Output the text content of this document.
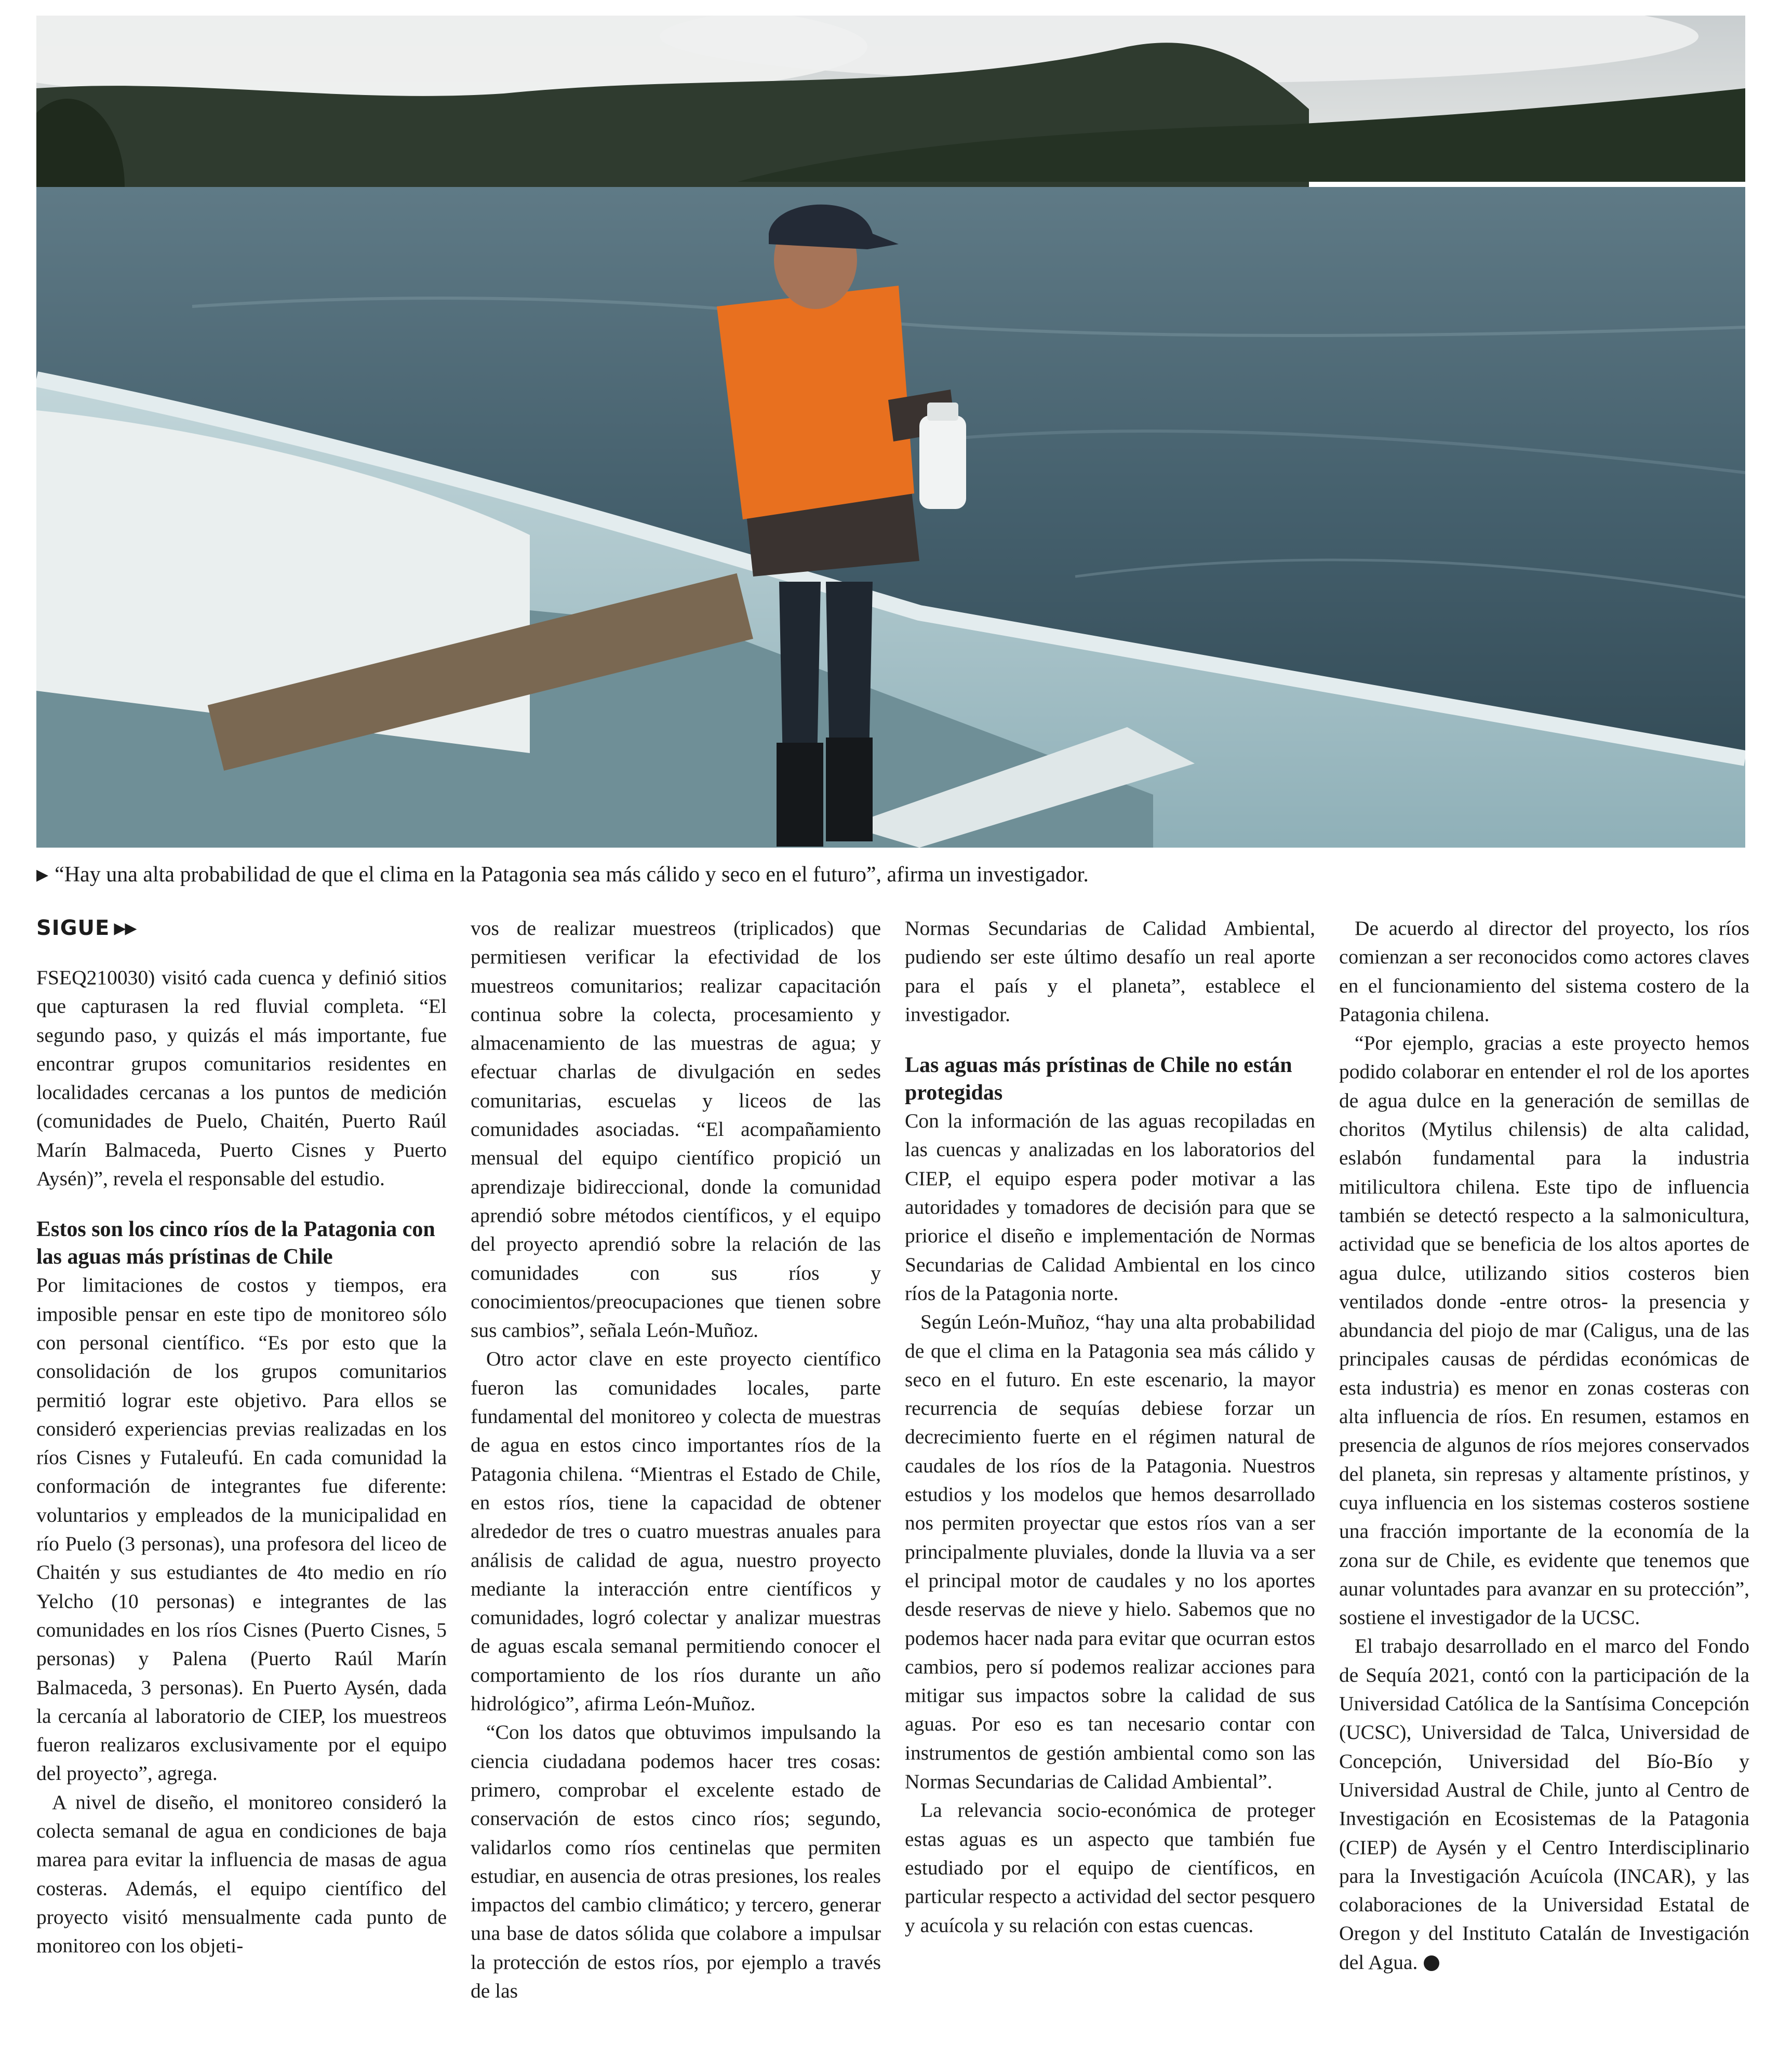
▶ “Hay una alta probabilidad de que el clima en la Patagonia sea más cálido y seco en el futuro”, afirma un investigador.
SIGUE ▶▶

FSEQ210030) visitó cada cuenca y definió sitios que capturasen la red fluvial completa. “El segundo paso, y quizás el más importante, fue encontrar grupos comunitarios residentes en localidades cercanas a los puntos de medición (comunidades de Puelo, Chaitén, Puerto Raúl Marín Balmaceda, Puerto Cisnes y Puerto Aysén)”, revela el responsable del estudio.

Estos son los cinco ríos de la Patagonia con las aguas más prístinas de Chile

Por limitaciones de costos y tiempos, era imposible pensar en este tipo de monitoreo sólo con personal científico. “Es por esto que la consolidación de los grupos comunitarios permitió lograr este objetivo. Para ellos se consideró experiencias previas realizadas en los ríos Cisnes y Futaleufú. En cada comunidad la conformación de integrantes fue diferente: voluntarios y empleados de la municipalidad en río Puelo (3 personas), una profesora del liceo de Chaitén y sus estudiantes de 4to medio en río Yelcho (10 personas) e integrantes de las comunidades en los ríos Cisnes (Puerto Cisnes, 5 personas) y Palena (Puerto Raúl Marín Balmaceda, 3 personas). En Puerto Aysén, dada la cercanía al laboratorio de CIEP, los muestreos fueron realizaros exclusivamente por el equipo del proyecto”, agrega.

A nivel de diseño, el monitoreo consideró la colecta semanal de agua en condiciones de baja marea para evitar la influencia de masas de agua costeras. Además, el equipo científico del proyecto visitó mensualmente cada punto de monitoreo con los objeti-

vos de realizar muestreos (triplicados) que permitiesen verificar la efectividad de los muestreos comunitarios; realizar capacitación continua sobre la colecta, procesamiento y almacenamiento de las muestras de agua; y efectuar charlas de divulgación en sedes comunitarias, escuelas y liceos de las comunidades asociadas. “El acompañamiento mensual del equipo científico propició un aprendizaje bidireccional, donde la comunidad aprendió sobre métodos científicos, y el equipo del proyecto aprendió sobre la relación de las comunidades con sus ríos y conocimientos/preocupaciones que tienen sobre sus cambios”, señala León-Muñoz.

Otro actor clave en este proyecto científico fueron las comunidades locales, parte fundamental del monitoreo y colecta de muestras de agua en estos cinco importantes ríos de la Patagonia chilena. “Mientras el Estado de Chile, en estos ríos, tiene la capacidad de obtener alrededor de tres o cuatro muestras anuales para análisis de calidad de agua, nuestro proyecto mediante la interacción entre científicos y comunidades, logró colectar y analizar muestras de aguas escala semanal permitiendo conocer el comportamiento de los ríos durante un año hidrológico”, afirma León-Muñoz.

“Con los datos que obtuvimos impulsando la ciencia ciudadana podemos hacer tres cosas: primero, comprobar el excelente estado de conservación de estos cinco ríos; segundo, validarlos como ríos centinelas que permiten estudiar, en ausencia de otras presiones, los reales impactos del cambio climático; y tercero, generar una base de datos sólida que colabore a impulsar la protección de estos ríos, por ejemplo a través de las

Normas Secundarias de Calidad Ambiental, pudiendo ser este último desafío un real aporte para el país y el planeta”, establece el investigador.

Las aguas más prístinas de Chile no están protegidas

Con la información de las aguas recopiladas en las cuencas y analizadas en los laboratorios del CIEP, el equipo espera poder motivar a las autoridades y tomadores de decisión para que se priorice el diseño e implementación de Normas Secundarias de Calidad Ambiental en los cinco ríos de la Patagonia norte.

Según León-Muñoz, “hay una alta probabilidad de que el clima en la Patagonia sea más cálido y seco en el futuro. En este escenario, la mayor recurrencia de sequías debiese forzar un decrecimiento fuerte en el régimen natural de caudales de los ríos de la Patagonia. Nuestros estudios y los modelos que hemos desarrollado nos permiten proyectar que estos ríos van a ser principalmente pluviales, donde la lluvia va a ser el principal motor de caudales y no los aportes desde reservas de nieve y hielo. Sabemos que no podemos hacer nada para evitar que ocurran estos cambios, pero sí podemos realizar acciones para mitigar sus impactos sobre la calidad de sus aguas. Por eso es tan necesario contar con instrumentos de gestión ambiental como son las Normas Secundarias de Calidad Ambiental”.

La relevancia socio-económica de proteger estas aguas es un aspecto que también fue estudiado por el equipo de científicos, en particular respecto a actividad del sector pesquero y acuícola y su relación con estas cuencas.

De acuerdo al director del proyecto, los ríos comienzan a ser reconocidos como actores claves en el funcionamiento del sistema costero de la Patagonia chilena.

“Por ejemplo, gracias a este proyecto hemos podido colaborar en entender el rol de los aportes de agua dulce en la generación de semillas de choritos (Mytilus chilensis) de alta calidad, eslabón fundamental para la industria mitilicultora chilena. Este tipo de influencia también se detectó respecto a la salmonicultura, actividad que se beneficia de los altos aportes de agua dulce, utilizando sitios costeros bien ventilados donde -entre otros- la presencia y abundancia del piojo de mar (Caligus, una de las principales causas de pérdidas económicas de esta industria) es menor en zonas costeras con alta influencia de ríos. En resumen, estamos en presencia de algunos de ríos mejores conservados del planeta, sin represas y altamente prístinos, y cuya influencia en los sistemas costeros sostiene una fracción importante de la economía de la zona sur de Chile, es evidente que tenemos que aunar voluntades para avanzar en su protección”, sostiene el investigador de la UCSC.

El trabajo desarrollado en el marco del Fondo de Sequía 2021, contó con la participación de la Universidad Católica de la Santísima Concepción (UCSC), Universidad de Talca, Universidad de Concepción, Universidad del Bío-Bío y Universidad Austral de Chile, junto al Centro de Investigación en Ecosistemas de la Patagonia (CIEP) de Aysén y el Centro Interdisciplinario para la Investigación Acuícola (INCAR), y las colaboraciones de la Universidad Estatal de Oregon y del Instituto Catalán de Investigación del Agua.
